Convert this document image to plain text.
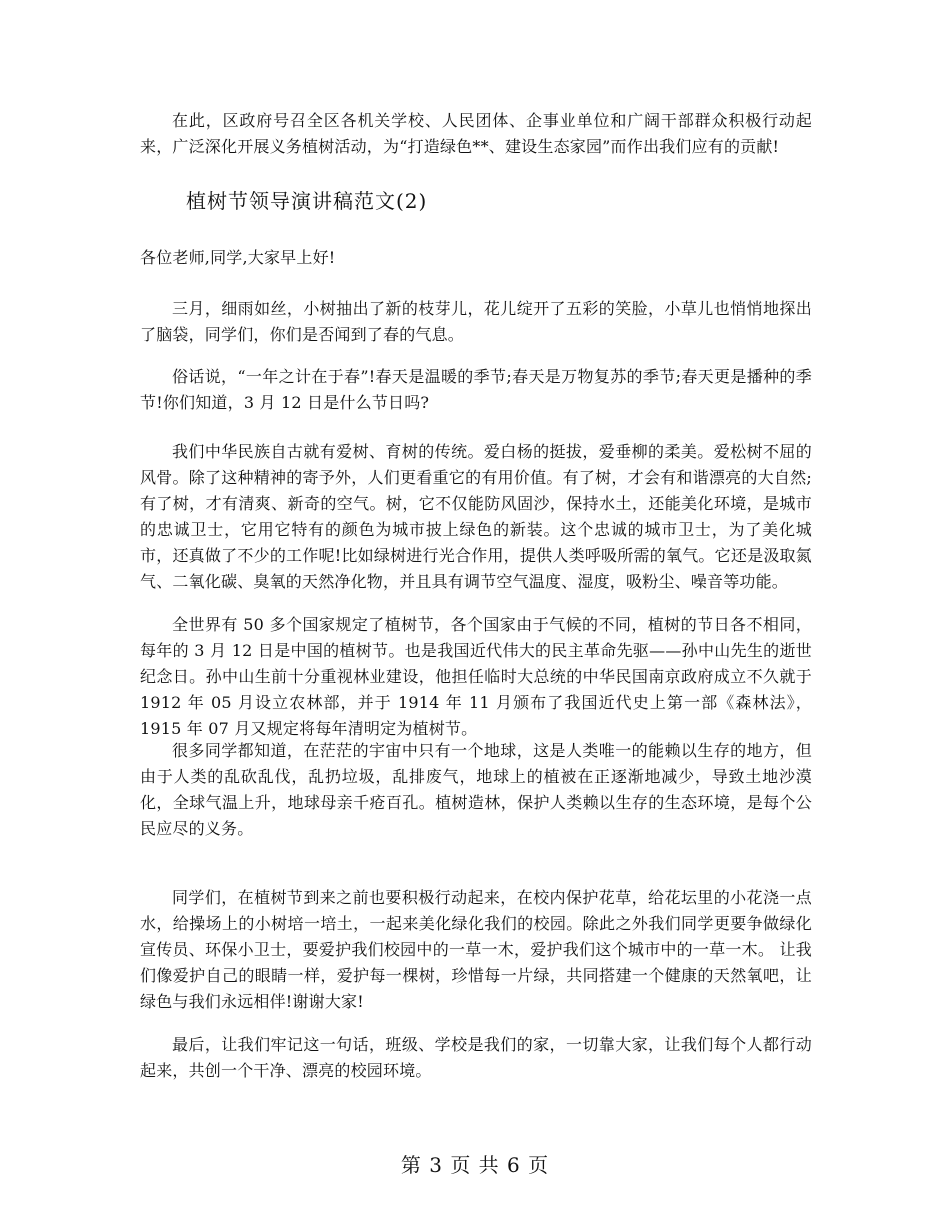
在此，区政府号召全区各机关学校、人民团体、企事业单位和广阔干部群众积极行动起来，广泛深化开展义务植树活动，为“打造绿色**、建设生态家园”而作出我们应有的贡献!

植树节领导演讲稿范文(2)

各位老师,同学,大家早上好!

三月，细雨如丝，小树抽出了新的枝芽儿，花儿绽开了五彩的笑脸，小草儿也悄悄地探出了脑袋，同学们，你们是否闻到了春的气息。

俗话说，“一年之计在于春”!春天是温暖的季节;春天是万物复苏的季节;春天更是播种的季节!你们知道，3 月 12 日是什么节日吗?

我们中华民族自古就有爱树、育树的传统。爱白杨的挺拔，爱垂柳的柔美。爱松树不屈的风骨。除了这种精神的寄予外，人们更看重它的有用价值。有了树，才会有和谐漂亮的大自然;有了树，才有清爽、新奇的空气。树，它不仅能防风固沙，保持水土，还能美化环境，是城市的忠诚卫士，它用它特有的颜色为城市披上绿色的新装。这个忠诚的城市卫士，为了美化城市，还真做了不少的工作呢!比如绿树进行光合作用，提供人类呼吸所需的氧气。它还是汲取氮气、二氧化碳、臭氧的天然净化物，并且具有调节空气温度、湿度，吸粉尘、噪音等功能。

全世界有 50 多个国家规定了植树节，各个国家由于气候的不同，植树的节日各不相同，每年的 3 月 12 日是中国的植树节。也是我国近代伟大的民主革命先驱——孙中山先生的逝世纪念日。孙中山生前十分重视林业建设，他担任临时大总统的中华民国南京政府成立不久就于 1912 年 05 月设立农林部，并于 1914 年 11 月颁布了我国近代史上第一部《森林法》，1915 年 07 月又规定将每年清明定为植树节。

很多同学都知道，在茫茫的宇宙中只有一个地球，这是人类唯一的能赖以生存的地方，但由于人类的乱砍乱伐，乱扔垃圾，乱排废气，地球上的植被在正逐渐地减少，导致土地沙漠化，全球气温上升，地球母亲千疮百孔。植树造林，保护人类赖以生存的生态环境，是每个公民应尽的义务。

同学们，在植树节到来之前也要积极行动起来，在校内保护花草，给花坛里的小花浇一点水，给操场上的小树培一培土，一起来美化绿化我们的校园。除此之外我们同学更要争做绿化宣传员、环保小卫士，要爱护我们校园中的一草一木，爱护我们这个城市中的一草一木。 让我们像爱护自己的眼睛一样，爱护每一棵树，珍惜每一片绿，共同搭建一个健康的天然氧吧，让绿色与我们永远相伴!谢谢大家!

最后，让我们牢记这一句话，班级、学校是我们的家，一切靠大家，让我们每个人都行动起来，共创一个干净、漂亮的校园环境。

第 3 页 共 6 页
